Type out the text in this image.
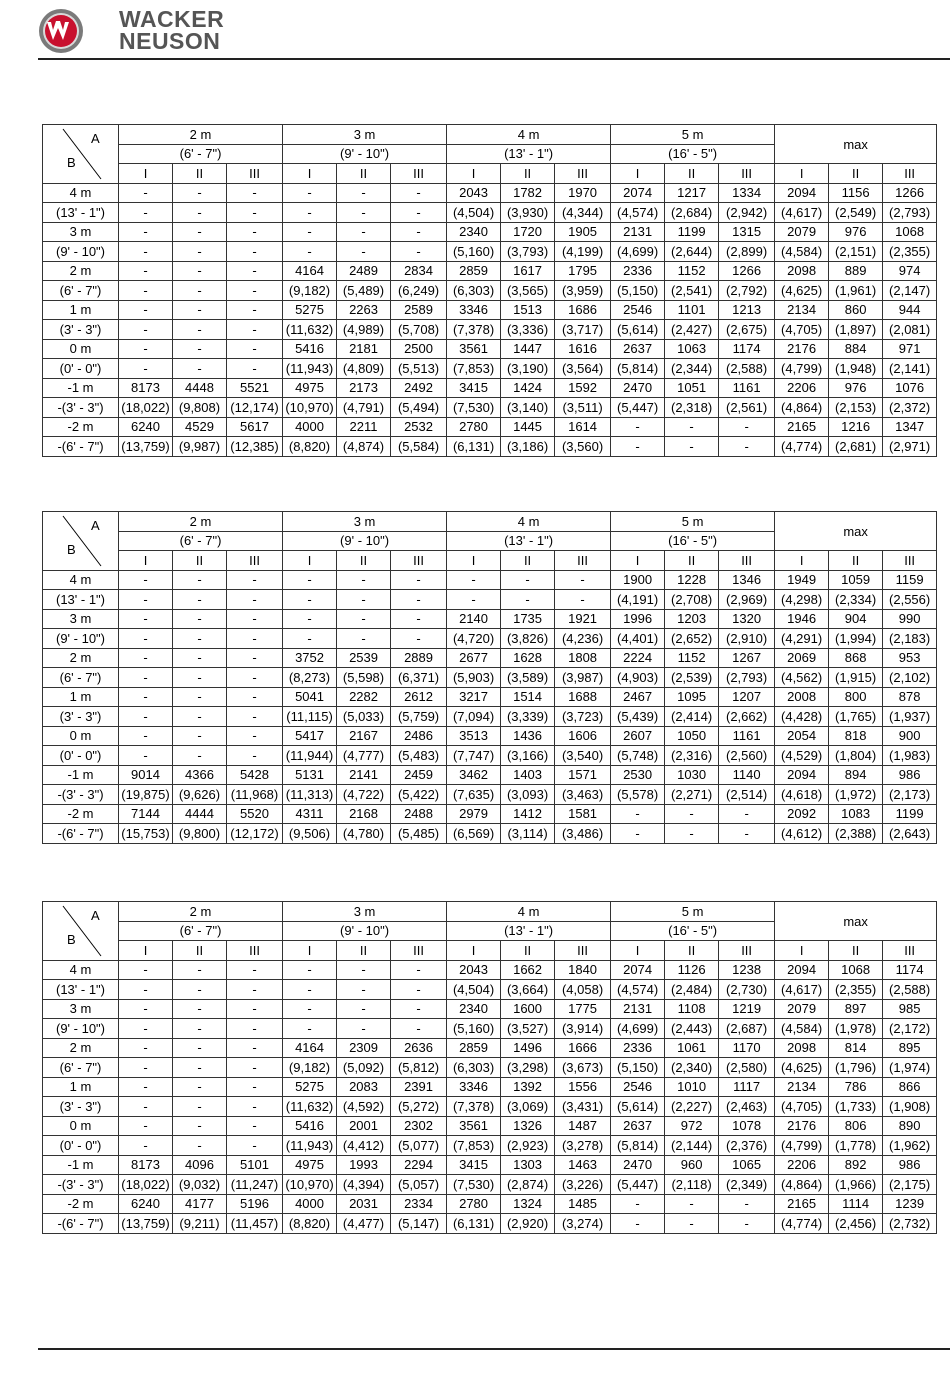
WACKER
NEUSON
A
B	2 m			3 m			4 m			5 m			max		
	(6' - 7")			(9' - 10")			(13' - 1")			(16' - 5")					
	I	II	III	I	II	III	I	II	III	I	II	III	I	II	III
4 m	-	-	-	-	-	-	2043	1782	1970	2074	1217	1334	2094	1156	1266
(13' - 1")	-	-	-	-	-	-	(4,504)	(3,930)	(4,344)	(4,574)	(2,684)	(2,942)	(4,617)	(2,549)	(2,793)
3 m	-	-	-	-	-	-	2340	1720	1905	2131	1199	1315	2079	976	1068
(9' - 10")	-	-	-	-	-	-	(5,160)	(3,793)	(4,199)	(4,699)	(2,644)	(2,899)	(4,584)	(2,151)	(2,355)
2 m	-	-	-	4164	2489	2834	2859	1617	1795	2336	1152	1266	2098	889	974
(6' - 7")	-	-	-	(9,182)	(5,489)	(6,249)	(6,303)	(3,565)	(3,959)	(5,150)	(2,541)	(2,792)	(4,625)	(1,961)	(2,147)
1 m	-	-	-	5275	2263	2589	3346	1513	1686	2546	1101	1213	2134	860	944
(3' - 3")	-	-	-	(11,632)	(4,989)	(5,708)	(7,378)	(3,336)	(3,717)	(5,614)	(2,427)	(2,675)	(4,705)	(1,897)	(2,081)
0 m	-	-	-	5416	2181	2500	3561	1447	1616	2637	1063	1174	2176	884	971
(0' - 0")	-	-	-	(11,943)	(4,809)	(5,513)	(7,853)	(3,190)	(3,564)	(5,814)	(2,344)	(2,588)	(4,799)	(1,948)	(2,141)
-1 m	8173	4448	5521	4975	2173	2492	3415	1424	1592	2470	1051	1161	2206	976	1076
-(3' - 3")	(18,022)	(9,808)	(12,174)	(10,970)	(4,791)	(5,494)	(7,530)	(3,140)	(3,511)	(5,447)	(2,318)	(2,561)	(4,864)	(2,153)	(2,372)
-2 m	6240	4529	5617	4000	2211	2532	2780	1445	1614	-	-	-	2165	1216	1347
-(6' - 7")	(13,759)	(9,987)	(12,385)	(8,820)	(4,874)	(5,584)	(6,131)	(3,186)	(3,560)	-	-	-	(4,774)	(2,681)	(2,971)
A
B	2 m			3 m			4 m			5 m			max		
	(6' - 7")			(9' - 10")			(13' - 1")			(16' - 5")					
	I	II	III	I	II	III	I	II	III	I	II	III	I	II	III
4 m	-	-	-	-	-	-	-	-	-	1900	1228	1346	1949	1059	1159
(13' - 1")	-	-	-	-	-	-	-	-	-	(4,191)	(2,708)	(2,969)	(4,298)	(2,334)	(2,556)
3 m	-	-	-	-	-	-	2140	1735	1921	1996	1203	1320	1946	904	990
(9' - 10")	-	-	-	-	-	-	(4,720)	(3,826)	(4,236)	(4,401)	(2,652)	(2,910)	(4,291)	(1,994)	(2,183)
2 m	-	-	-	3752	2539	2889	2677	1628	1808	2224	1152	1267	2069	868	953
(6' - 7")	-	-	-	(8,273)	(5,598)	(6,371)	(5,903)	(3,589)	(3,987)	(4,903)	(2,539)	(2,793)	(4,562)	(1,915)	(2,102)
1 m	-	-	-	5041	2282	2612	3217	1514	1688	2467	1095	1207	2008	800	878
(3' - 3")	-	-	-	(11,115)	(5,033)	(5,759)	(7,094)	(3,339)	(3,723)	(5,439)	(2,414)	(2,662)	(4,428)	(1,765)	(1,937)
0 m	-	-	-	5417	2167	2486	3513	1436	1606	2607	1050	1161	2054	818	900
(0' - 0")	-	-	-	(11,944)	(4,777)	(5,483)	(7,747)	(3,166)	(3,540)	(5,748)	(2,316)	(2,560)	(4,529)	(1,804)	(1,983)
-1 m	9014	4366	5428	5131	2141	2459	3462	1403	1571	2530	1030	1140	2094	894	986
-(3' - 3")	(19,875)	(9,626)	(11,968)	(11,313)	(4,722)	(5,422)	(7,635)	(3,093)	(3,463)	(5,578)	(2,271)	(2,514)	(4,618)	(1,972)	(2,173)
-2 m	7144	4444	5520	4311	2168	2488	2979	1412	1581	-	-	-	2092	1083	1199
-(6' - 7")	(15,753)	(9,800)	(12,172)	(9,506)	(4,780)	(5,485)	(6,569)	(3,114)	(3,486)	-	-	-	(4,612)	(2,388)	(2,643)
A
B	2 m			3 m			4 m			5 m			max		
	(6' - 7")			(9' - 10")			(13' - 1")			(16' - 5")					
	I	II	III	I	II	III	I	II	III	I	II	III	I	II	III
4 m	-	-	-	-	-	-	2043	1662	1840	2074	1126	1238	2094	1068	1174
(13' - 1")	-	-	-	-	-	-	(4,504)	(3,664)	(4,058)	(4,574)	(2,484)	(2,730)	(4,617)	(2,355)	(2,588)
3 m	-	-	-	-	-	-	2340	1600	1775	2131	1108	1219	2079	897	985
(9' - 10")	-	-	-	-	-	-	(5,160)	(3,527)	(3,914)	(4,699)	(2,443)	(2,687)	(4,584)	(1,978)	(2,172)
2 m	-	-	-	4164	2309	2636	2859	1496	1666	2336	1061	1170	2098	814	895
(6' - 7")	-	-	-	(9,182)	(5,092)	(5,812)	(6,303)	(3,298)	(3,673)	(5,150)	(2,340)	(2,580)	(4,625)	(1,796)	(1,974)
1 m	-	-	-	5275	2083	2391	3346	1392	1556	2546	1010	1117	2134	786	866
(3' - 3")	-	-	-	(11,632)	(4,592)	(5,272)	(7,378)	(3,069)	(3,431)	(5,614)	(2,227)	(2,463)	(4,705)	(1,733)	(1,908)
0 m	-	-	-	5416	2001	2302	3561	1326	1487	2637	972	1078	2176	806	890
(0' - 0")	-	-	-	(11,943)	(4,412)	(5,077)	(7,853)	(2,923)	(3,278)	(5,814)	(2,144)	(2,376)	(4,799)	(1,778)	(1,962)
-1 m	8173	4096	5101	4975	1993	2294	3415	1303	1463	2470	960	1065	2206	892	986
-(3' - 3")	(18,022)	(9,032)	(11,247)	(10,970)	(4,394)	(5,057)	(7,530)	(2,874)	(3,226)	(5,447)	(2,118)	(2,349)	(4,864)	(1,966)	(2,175)
-2 m	6240	4177	5196	4000	2031	2334	2780	1324	1485	-	-	-	2165	1114	1239
-(6' - 7")	(13,759)	(9,211)	(11,457)	(8,820)	(4,477)	(5,147)	(6,131)	(2,920)	(3,274)	-	-	-	(4,774)	(2,456)	(2,732)
